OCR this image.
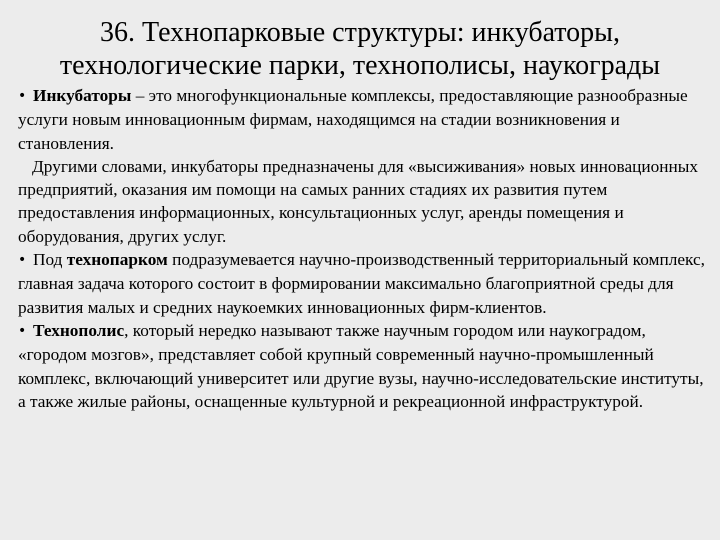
36. Технопарковые структуры: инкубаторы,
технологические парки, технополисы, наукограды

• Инкубаторы – это многофункциональные комплексы, предоставляющие разнообразные услуги новым инновационным фирмам, находящимся на стадии возникновения и становления.

Другими словами, инкубаторы предназначены для «высиживания» новых инновационных предприятий, оказания им помощи на самых ранних стадиях их развития путем предоставления информационных, консультационных услуг, аренды помещения и оборудования, других услуг.

• Под технопарком подразумевается научно-производственный территориальный комплекс, главная задача которого состоит в формировании максимально благоприятной среды для развития малых и средних наукоемких инновационных фирм-клиентов.

• Технополис, который нередко называют также научным городом или наукоградом, «городом мозгов», представляет собой крупный современный научно-промышленный комплекс, включающий университет или другие вузы, научно-исследовательские институты, а также жилые районы, оснащенные культурной и рекреационной инфраструктурой.
